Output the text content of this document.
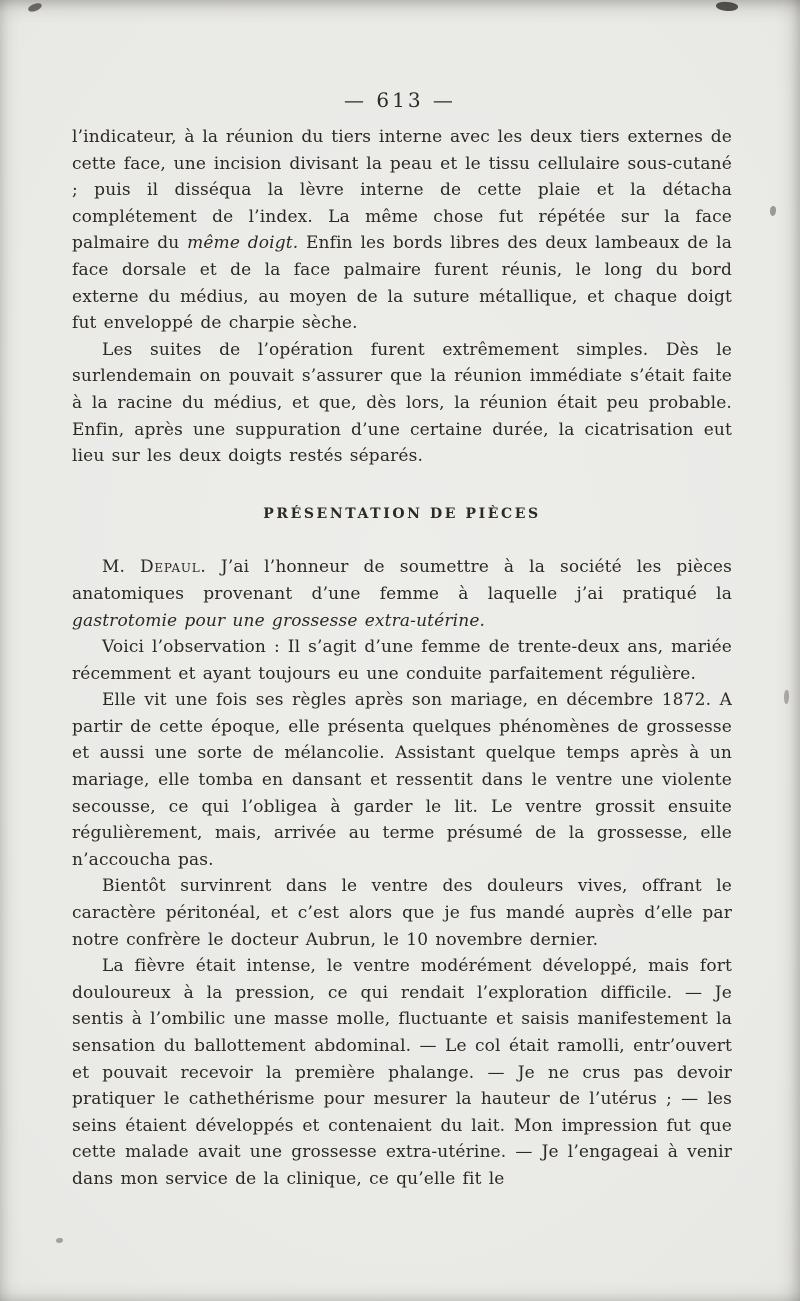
— 613 —

l’indicateur, à la réunion du tiers interne avec les deux tiers externes de cette face, une incision divisant la peau et le tissu cellulaire sous-cutané ; puis il disséqua la lèvre interne de cette plaie et la détacha complétement de l’index. La même chose fut répétée sur la face palmaire du même doigt. Enfin les bords libres des deux lambeaux de la face dorsale et de la face palmaire furent réunis, le long du bord externe du médius, au moyen de la suture métallique, et chaque doigt fut enveloppé de charpie sèche.

Les suites de l’opération furent extrêmement simples. Dès le surlendemain on pouvait s’assurer que la réunion immédiate s’était faite à la racine du médius, et que, dès lors, la réunion était peu probable. Enfin, après une suppuration d’une certaine durée, la cicatrisation eut lieu sur les deux doigts restés séparés.

PRÉSENTATION DE PIÈCES

M. Depaul. J’ai l’honneur de soumettre à la société les pièces anatomiques provenant d’une femme à laquelle j’ai pratiqué la gastrotomie pour une grossesse extra-utérine.

Voici l’observation : Il s’agit d’une femme de trente-deux ans, mariée récemment et ayant toujours eu une conduite parfaitement régulière.

Elle vit une fois ses règles après son mariage, en décembre 1872. A partir de cette époque, elle présenta quelques phénomènes de grossesse et aussi une sorte de mélancolie. Assistant quelque temps après à un mariage, elle tomba en dansant et ressentit dans le ventre une violente secousse, ce qui l’obligea à garder le lit. Le ventre grossit ensuite régulièrement, mais, arrivée au terme présumé de la grossesse, elle n’accoucha pas.

Bientôt survinrent dans le ventre des douleurs vives, offrant le caractère péritonéal, et c’est alors que je fus mandé auprès d’elle par notre confrère le docteur Aubrun, le 10 novembre dernier.

La fièvre était intense, le ventre modérément développé, mais fort douloureux à la pression, ce qui rendait l’exploration difficile. — Je sentis à l’ombilic une masse molle, fluctuante et saisis manifestement la sensation du ballottement abdominal. — Le col était ramolli, entr’ouvert et pouvait recevoir la première phalange. — Je ne crus pas devoir pratiquer le cathethérisme pour mesurer la hauteur de l’utérus ; — les seins étaient développés et contenaient du lait. Mon impression fut que cette malade avait une grossesse extra-utérine. — Je l’engageai à venir dans mon service de la clinique, ce qu’elle fit le
